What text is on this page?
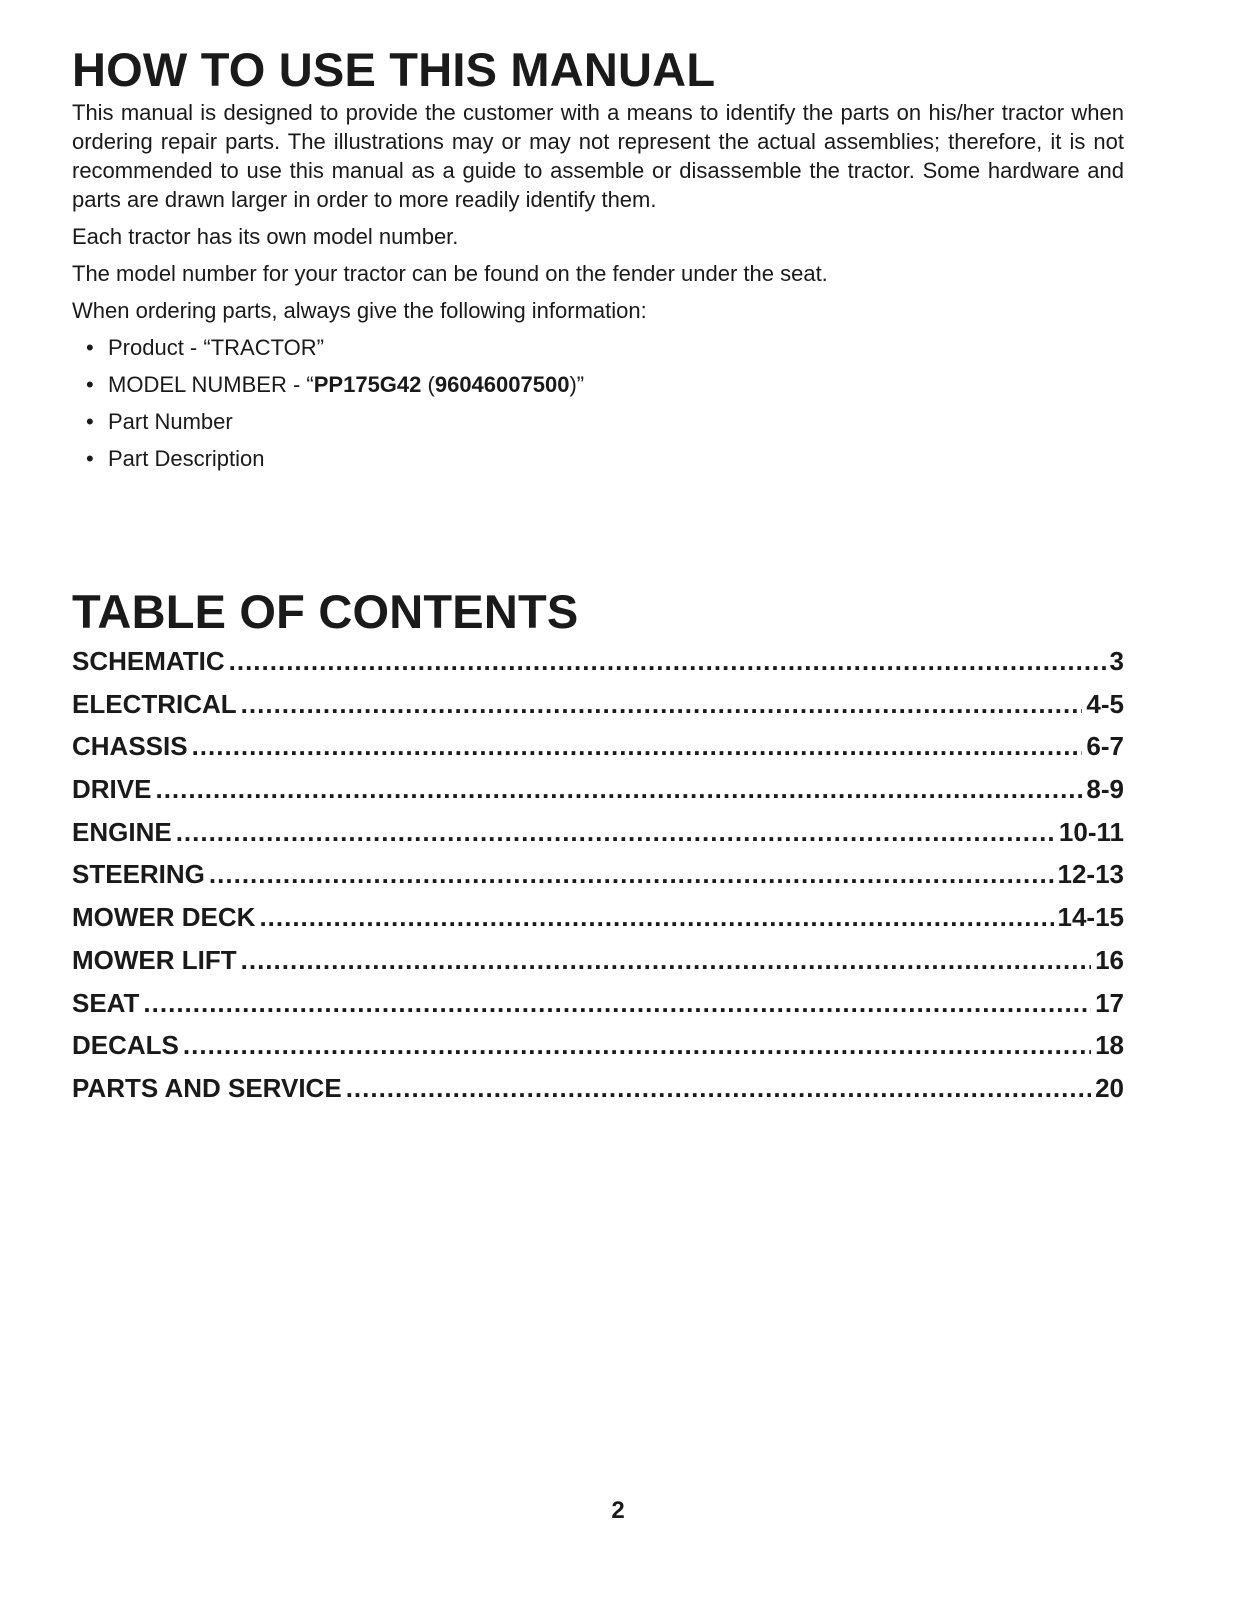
HOW TO USE THIS MANUAL

This manual is designed to provide the customer with a means to identify the parts on his/her tractor when ordering repair parts. The illustrations may or may not represent the actual assemblies; therefore, it is not recommended to use this manual as a guide to assemble or disassemble the tractor. Some hardware and parts are drawn larger in order to more readily identify them.

Each tractor has its own model number.

The model number for your tractor can be found on the fender under the seat.

When ordering parts, always give the following information:

• Product - “TRACTOR”
• MODEL NUMBER - “PP175G42 (96046007500)”
• Part Number
• Part Description
TABLE OF CONTENTS
SCHEMATIC .....	3
ELECTRICAL .....	4-5
CHASSIS .....	6-7
DRIVE .....	8-9
ENGINE .....	10-11
STEERING .....	12-13
MOWER DECK .....	14-15
MOWER LIFT .....	16
SEAT .....	17
DECALS .....	18
PARTS AND SERVICE .....	20
2
